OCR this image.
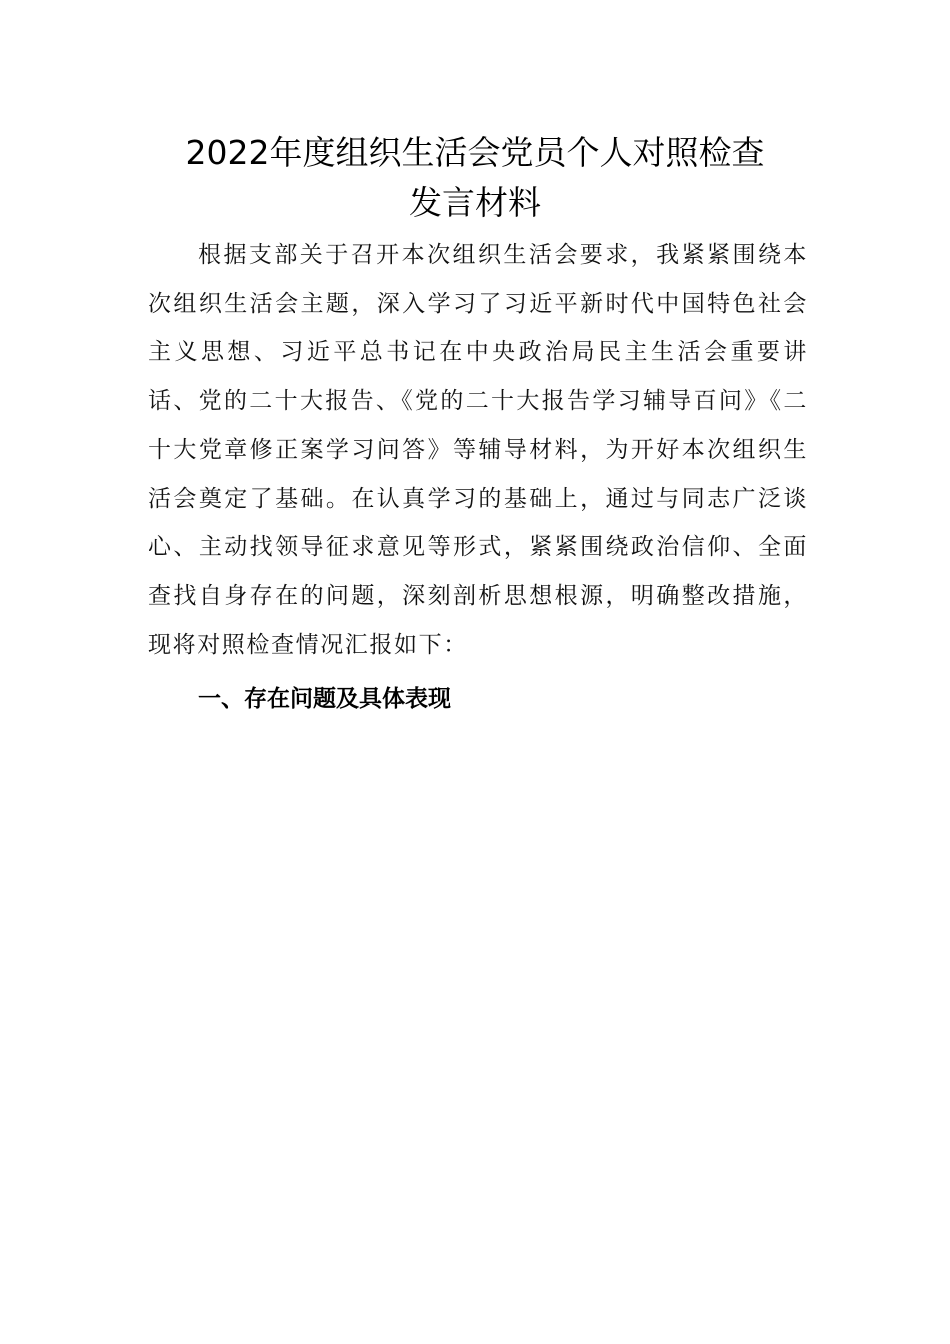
2022年度组织生活会党员个人对照检查
发言材料

根据支部关于召开本次组织生活会要求，我紧紧围绕本次组织生活会主题，深入学习了习近平新时代中国特色社会主义思想、习近平总书记在中央政治局民主生活会重要讲话、党的二十大报告、《党的二十大报告学习辅导百问》《二十大党章修正案学习问答》等辅导材料，为开好本次组织生活会奠定了基础。在认真学习的基础上，通过与同志广泛谈心、主动找领导征求意见等形式，紧紧围绕政治信仰、全面查找自身存在的问题，深刻剖析思想根源，明确整改措施，现将对照检查情况汇报如下：

一、存在问题及具体表现
